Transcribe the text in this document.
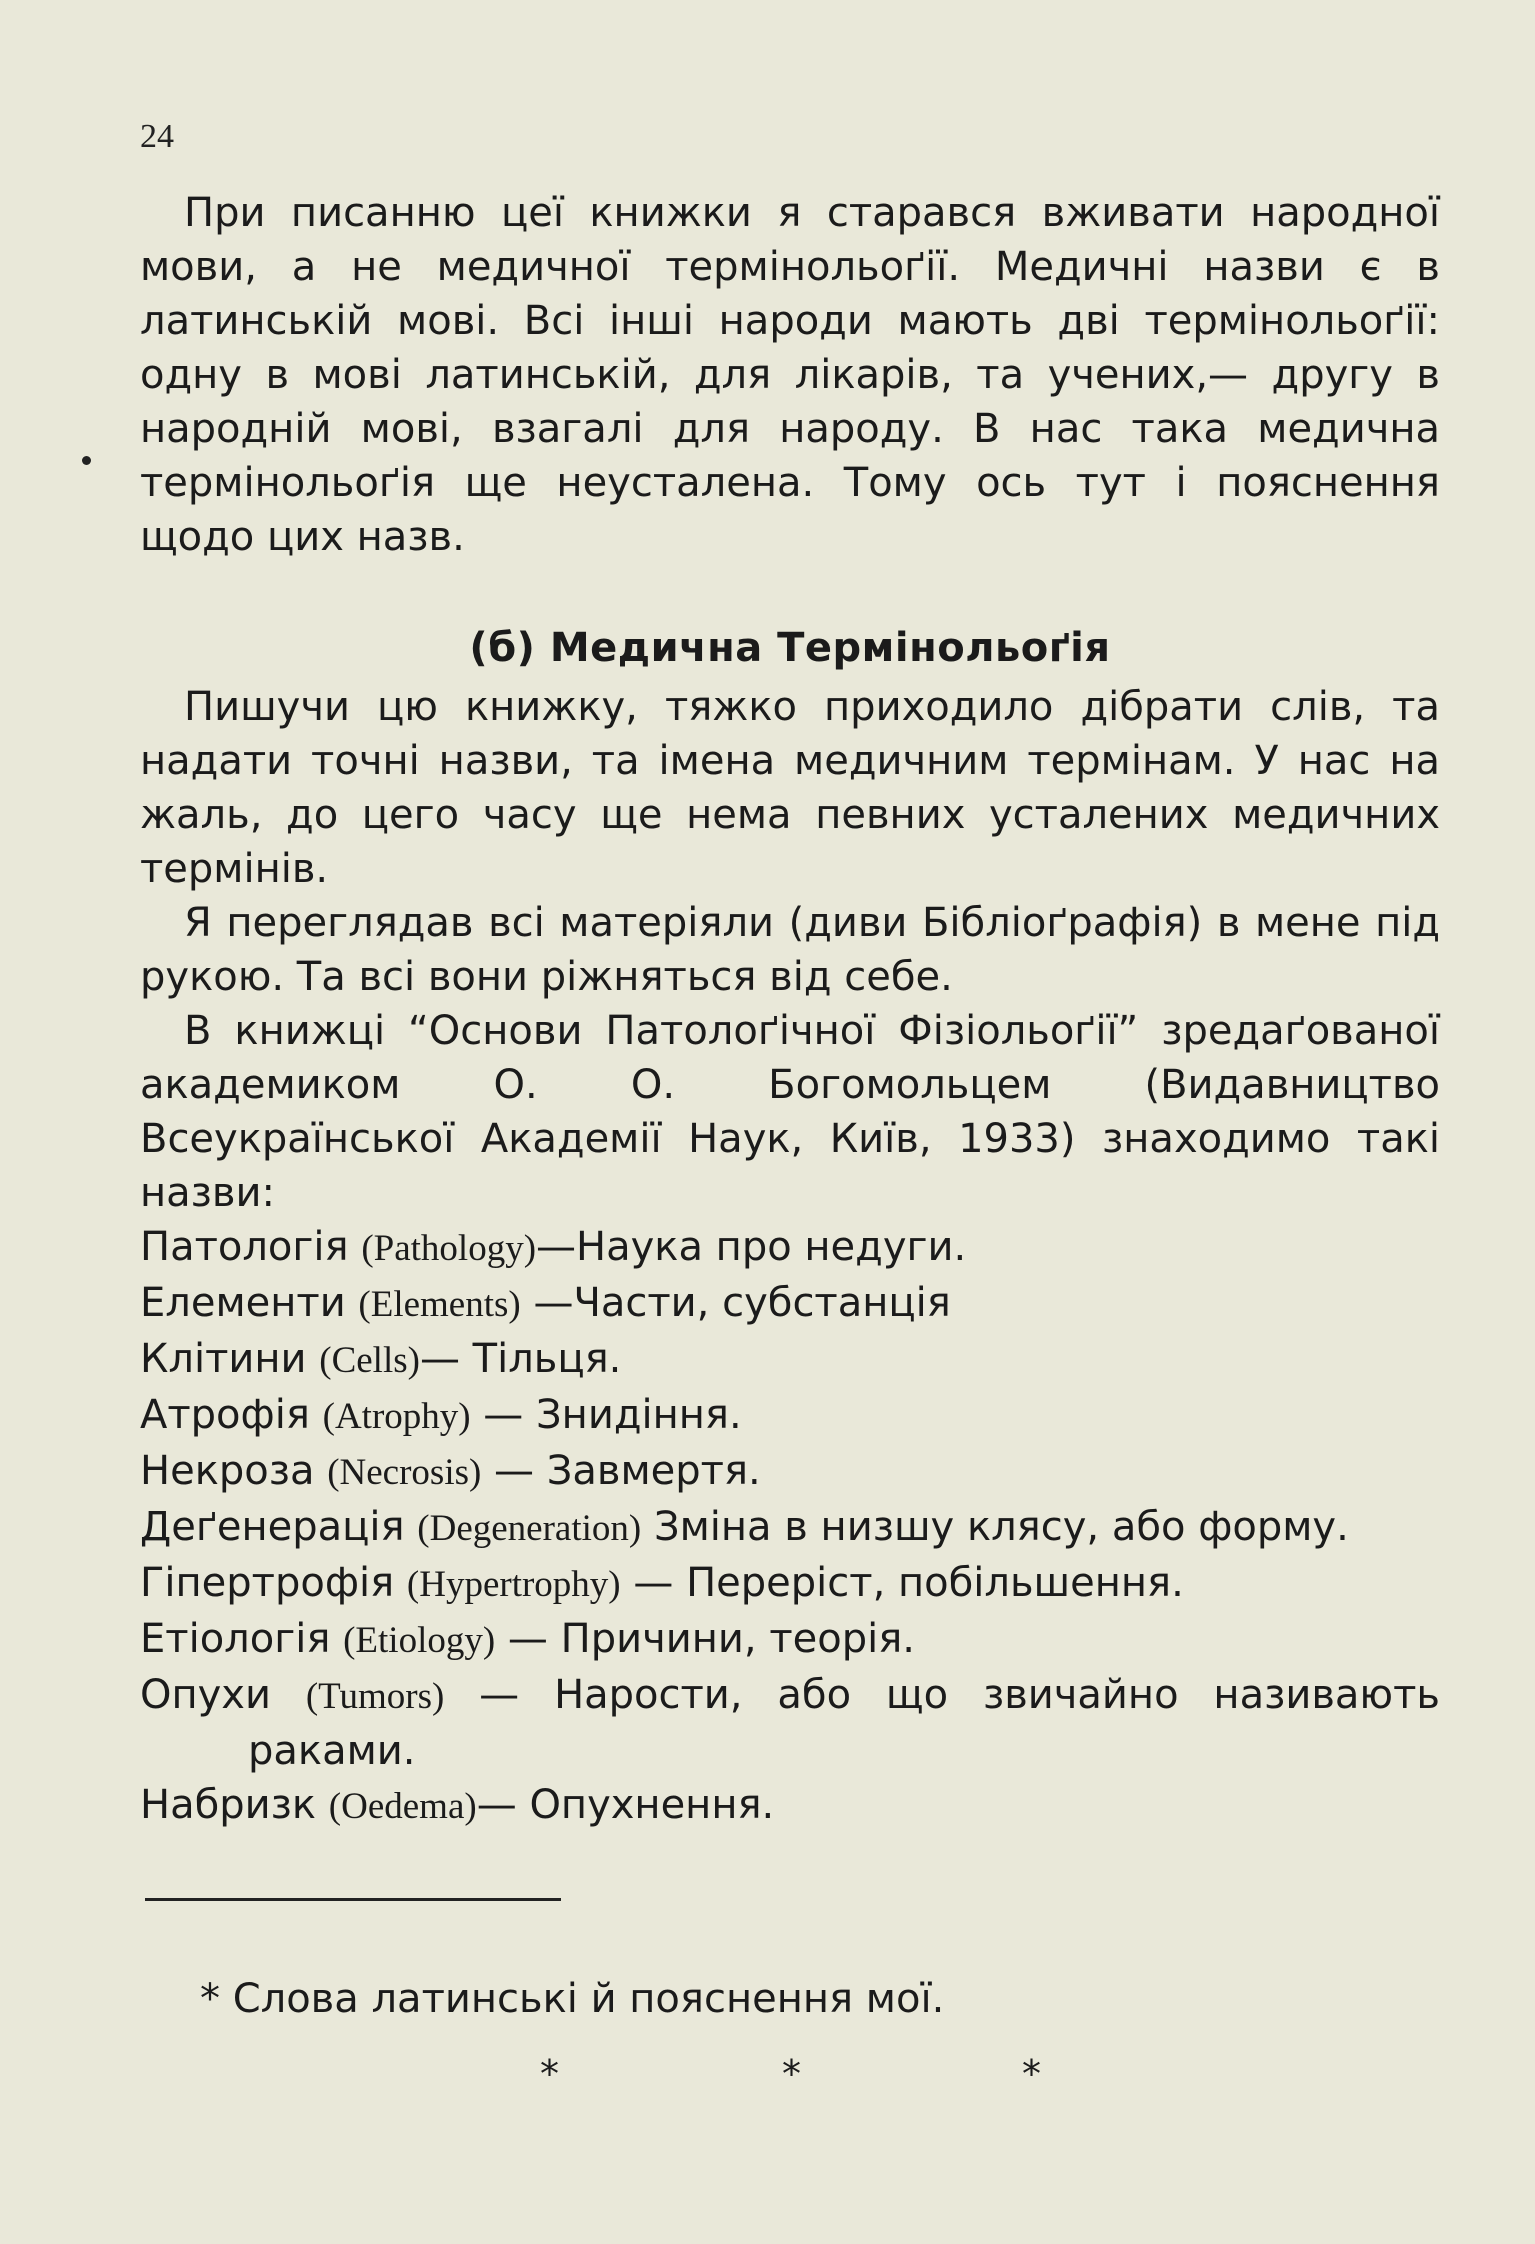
24

При писанню цеї книжки я старався вживати народної мови, а не медичної термінольоґії. Медичні назви є в латинській мові. Всі інші народи мають дві термінольоґії: одну в мові латинській, для лікарів, та учених,— другу в народній мові, взагалі для народу. В нас така медична термінольоґія ще неусталена. Тому ось тут і пояснення щодо цих назв.

(б) Медична Термінольоґія

Пишучи цю книжку, тяжко приходило дібрати слів, та надати точні назви, та імена медичним термінам. У нас на жаль, до цего часу ще нема певних усталених медичних термінів.

Я переглядав всі матеріяли (диви Бібліоґрафія) в мене під рукою. Та всі вони ріжняться від себе.

В книжці “Основи Патолоґічної Фізіольоґії” зредаґованої академиком О. О. Богомольцем (Видавництво Всеукраїнської Академії Наук, Київ, 1933) знаходимо такі назви:

Патологія (Pathology)—Наука про недуги.
Елементи (Elements) —Части, субстанція
Клітини (Cells)— Тільця.
Атрофія (Atrophy) — Знидіння.
Некроза (Necrosis) — Завмертя.
Деґенерація (Degeneration) Зміна в низшу клясу, або форму.
Гіпертрофія (Hypertrophy) — Переріст, побільшення.
Етіологія (Etiology) — Причини, теорія.
Опухи (Tumors) — Нарости, або що звичайно називають раками.
Набризк (Oedema)— Опухнення.
* Слова латинські й пояснення мої.
*	*	*
